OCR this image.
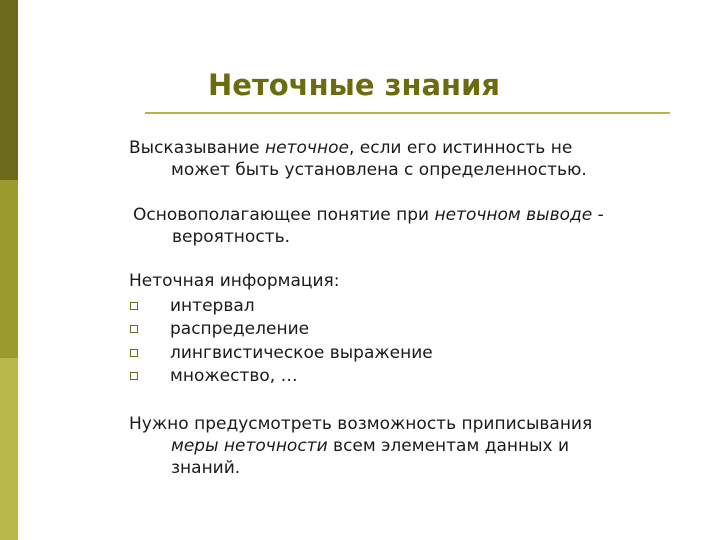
Неточные знания

Высказывание неточное, если его истинность не
может быть установлена с определенностью.

Основополагающее понятие при неточном выводе -
вероятность.

Неточная информация:

интервал
распределение
лингвистическое выражение
множество, …

Нужно предусмотреть возможность приписывания
меры неточности всем элементам данных и
знаний.
